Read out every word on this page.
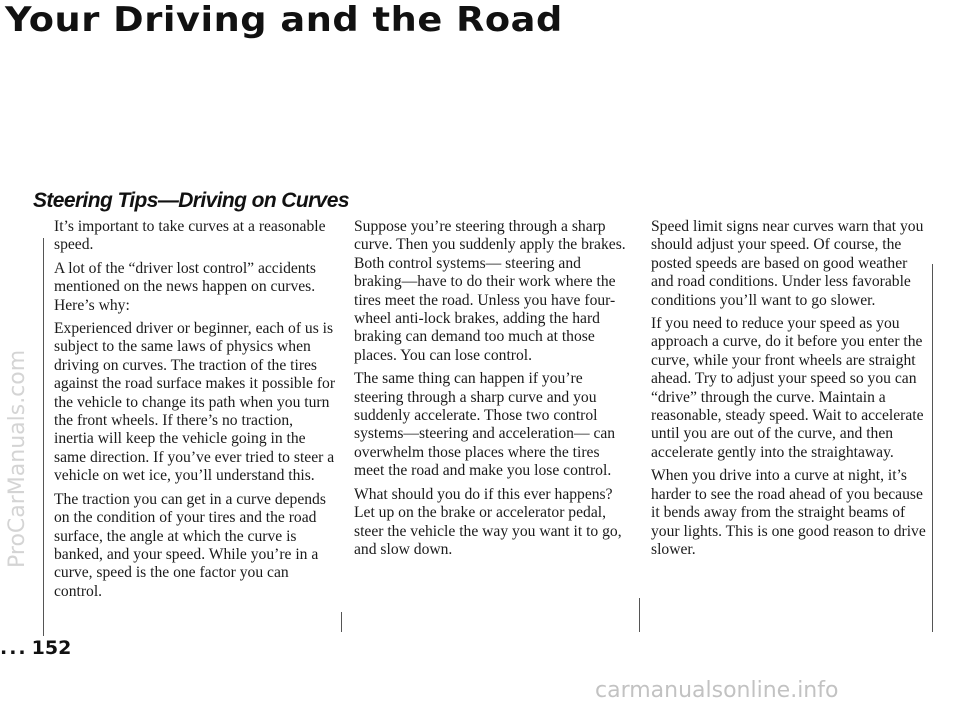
Your Driving and the Road
Steering Tips—Driving on Curves

It’s important to take curves at a reasonable speed.

A lot of the “driver lost control” accidents mentioned on the news happen on curves. Here’s why:

Experienced driver or beginner, each of us is subject to the same laws of physics when driving on curves. The traction of the tires against the road surface makes it possible for the vehicle to change its path when you turn the front wheels. If there’s no traction, inertia will keep the vehicle going in the same direction. If you’ve ever tried to steer a vehicle on wet ice, you’ll understand this.

The traction you can get in a curve depends on the condition of your tires and the road surface, the angle at which the curve is banked, and your speed. While you’re in a curve, speed is the one factor you can control.

Suppose you’re steering through a sharp curve. Then you suddenly apply the brakes. Both control systems— steering and braking—have to do their work where the tires meet the road. Unless you have four-wheel anti-lock brakes, adding the hard braking can demand too much at those places. You can lose control.

The same thing can happen if you’re steering through a sharp curve and you suddenly accelerate. Those two control systems—steering and acceleration— can overwhelm those places where the tires meet the road and make you lose control.

What should you do if this ever happens? Let up on the brake or accelerator pedal, steer the vehicle the way you want it to go, and slow down.

Speed limit signs near curves warn that you should adjust your speed. Of course, the posted speeds are based on good weather and road conditions. Under less favorable conditions you’ll want to go slower.

If you need to reduce your speed as you approach a curve, do it before you enter the curve, while your front wheels are straight ahead. Try to adjust your speed so you can “drive” through the curve. Maintain a reasonable, steady speed. Wait to accelerate until you are out of the curve, and then accelerate gently into the straightaway.

When you drive into a curve at night, it’s harder to see the road ahead of you because it bends away from the straight beams of your lights. This is one good reason to drive slower.

... 152
ProCarManuals.com
carmanualsonline.info
